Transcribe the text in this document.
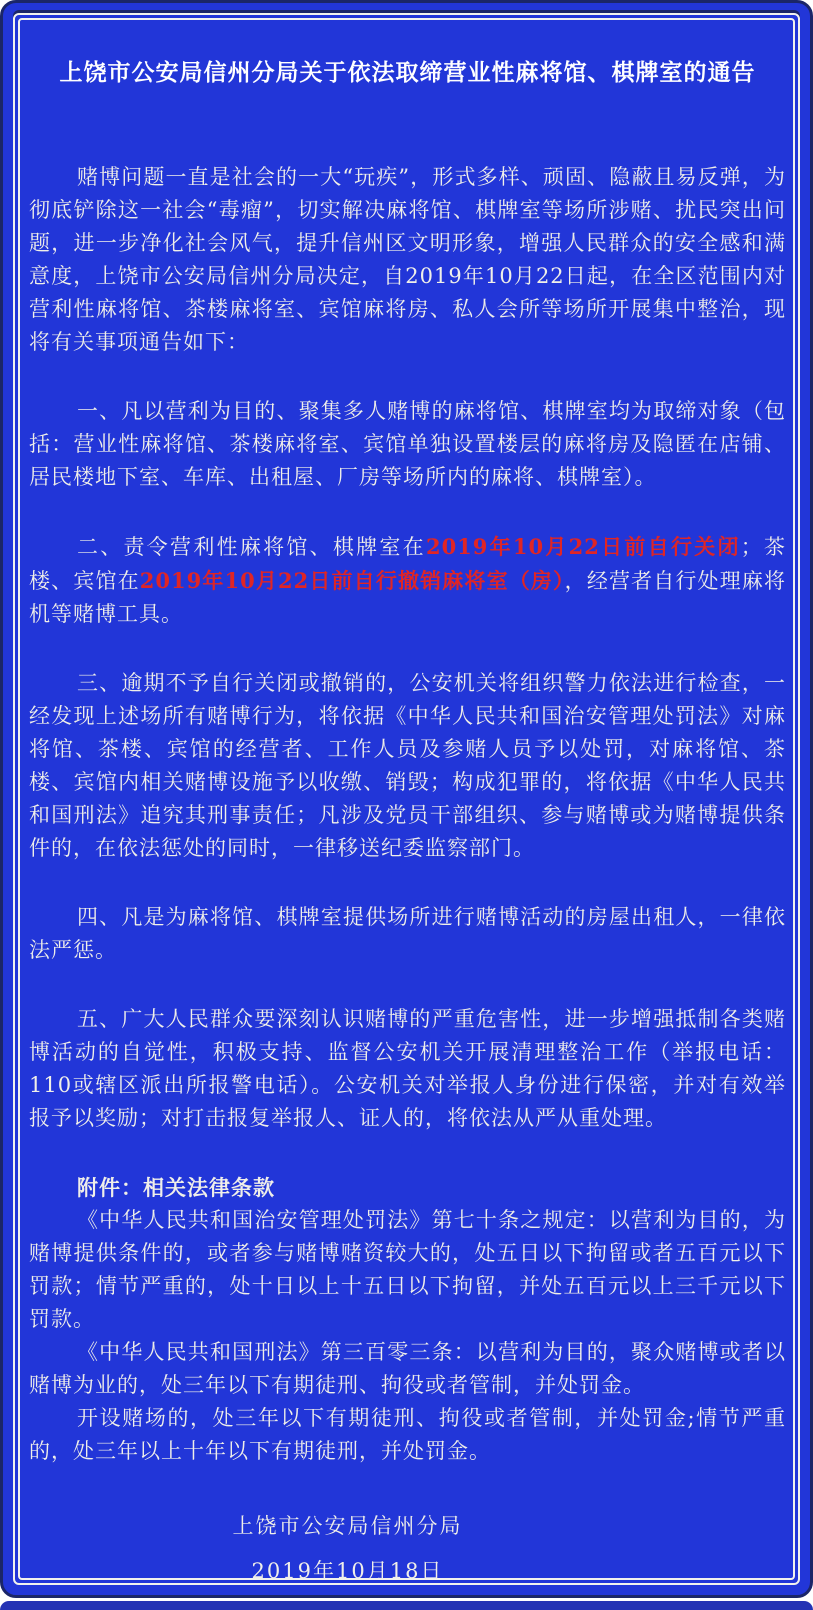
上饶市公安局信州分局关于依法取缔营业性麻将馆、棋牌室的通告

赌博问题一直是社会的一大“玩疾”，形式多样、顽固、隐蔽且易反弹，为彻底铲除这一社会“毒瘤”，切实解决麻将馆、棋牌室等场所涉赌、扰民突出问题，进一步净化社会风气，提升信州区文明形象，增强人民群众的安全感和满意度，上饶市公安局信州分局决定，自2019年10月22日起，在全区范围内对营利性麻将馆、茶楼麻将室、宾馆麻将房、私人会所等场所开展集中整治，现将有关事项通告如下：

一、凡以营利为目的、聚集多人赌博的麻将馆、棋牌室均为取缔对象（包括：营业性麻将馆、茶楼麻将室、宾馆单独设置楼层的麻将房及隐匿在店铺、居民楼地下室、车库、出租屋、厂房等场所内的麻将、棋牌室）。

二、责令营利性麻将馆、棋牌室在2019年10月22日前自行关闭；茶楼、宾馆在2019年10月22日前自行撤销麻将室（房），经营者自行处理麻将机等赌博工具。

三、逾期不予自行关闭或撤销的，公安机关将组织警力依法进行检查，一经发现上述场所有赌博行为，将依据《中华人民共和国治安管理处罚法》对麻将馆、茶楼、宾馆的经营者、工作人员及参赌人员予以处罚，对麻将馆、茶楼、宾馆内相关赌博设施予以收缴、销毁；构成犯罪的，将依据《中华人民共和国刑法》追究其刑事责任；凡涉及党员干部组织、参与赌博或为赌博提供条件的，在依法惩处的同时，一律移送纪委监察部门。

四、凡是为麻将馆、棋牌室提供场所进行赌博活动的房屋出租人，一律依法严惩。

五、广大人民群众要深刻认识赌博的严重危害性，进一步增强抵制各类赌博活动的自觉性，积极支持、监督公安机关开展清理整治工作（举报电话：110或辖区派出所报警电话）。公安机关对举报人身份进行保密，并对有效举报予以奖励；对打击报复举报人、证人的，将依法从严从重处理。

附件：相关法律条款

《中华人民共和国治安管理处罚法》第七十条之规定：以营利为目的，为赌博提供条件的，或者参与赌博赌资较大的，处五日以下拘留或者五百元以下罚款；情节严重的，处十日以上十五日以下拘留，并处五百元以上三千元以下罚款。

《中华人民共和国刑法》第三百零三条：以营利为目的，聚众赌博或者以赌博为业的，处三年以下有期徒刑、拘役或者管制，并处罚金。

开设赌场的，处三年以下有期徒刑、拘役或者管制，并处罚金;情节严重的，处三年以上十年以下有期徒刑，并处罚金。

上饶市公安局信州分局

2019年10月18日
